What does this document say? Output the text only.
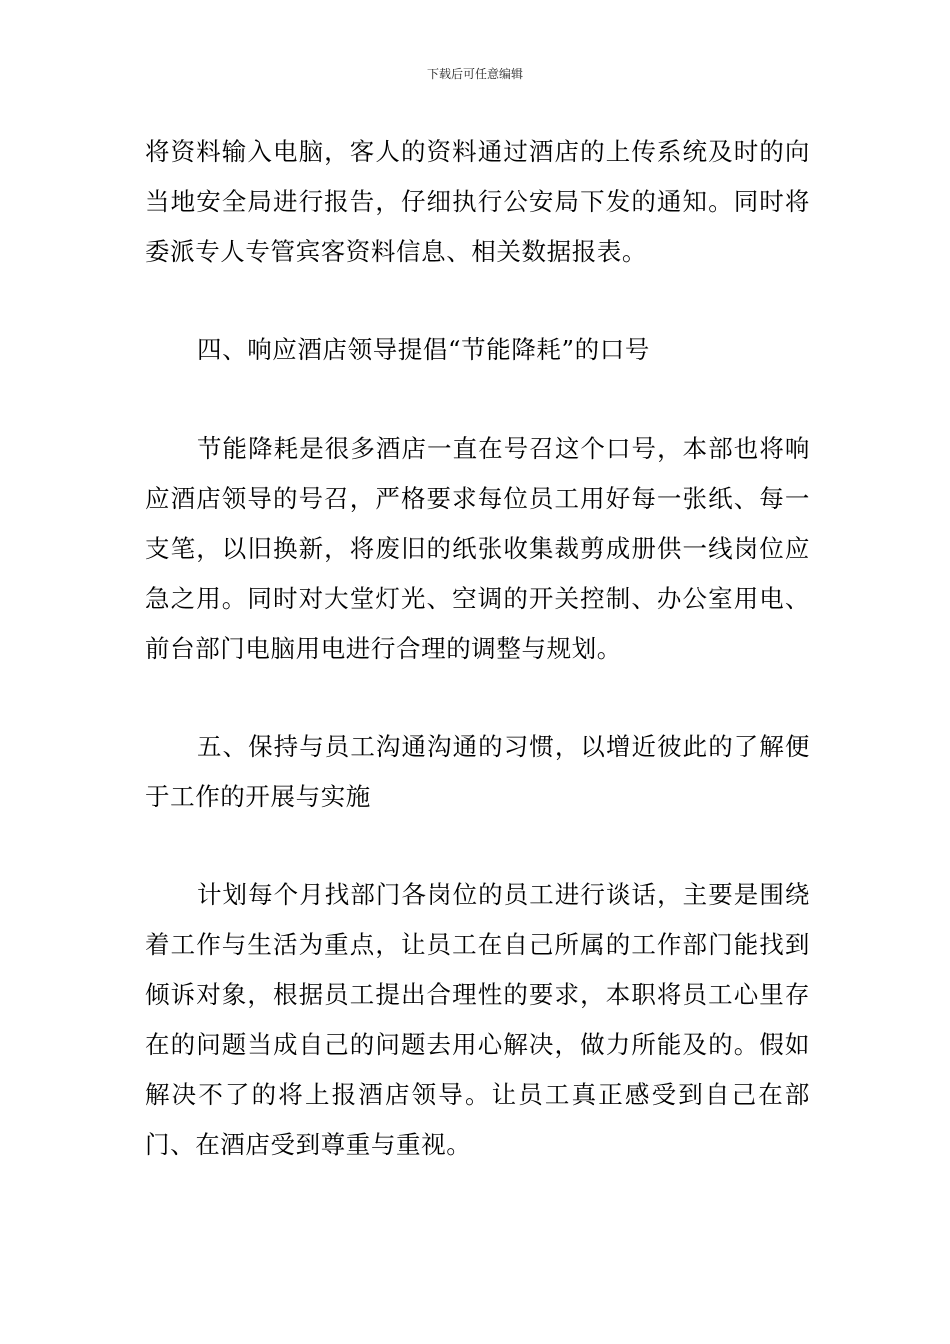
下载后可任意编辑

将资料输入电脑，客人的资料通过酒店的上传系统及时的向当地安全局进行报告，仔细执行公安局下发的通知。同时将委派专人专管宾客资料信息、相关数据报表。

四、响应酒店领导提倡“节能降耗”的口号

节能降耗是很多酒店一直在号召这个口号，本部也将响应酒店领导的号召，严格要求每位员工用好每一张纸、每一支笔，以旧换新，将废旧的纸张收集裁剪成册供一线岗位应急之用。同时对大堂灯光、空调的开关控制、办公室用电、前台部门电脑用电进行合理的调整与规划。

五、保持与员工沟通沟通的习惯，以增近彼此的了解便于工作的开展与实施

计划每个月找部门各岗位的员工进行谈话，主要是围绕着工作与生活为重点，让员工在自己所属的工作部门能找到倾诉对象，根据员工提出合理性的要求，本职将员工心里存在的问题当成自己的问题去用心解决，做力所能及的。假如解决不了的将上报酒店领导。让员工真正感受到自己在部门、在酒店受到尊重与重视。
